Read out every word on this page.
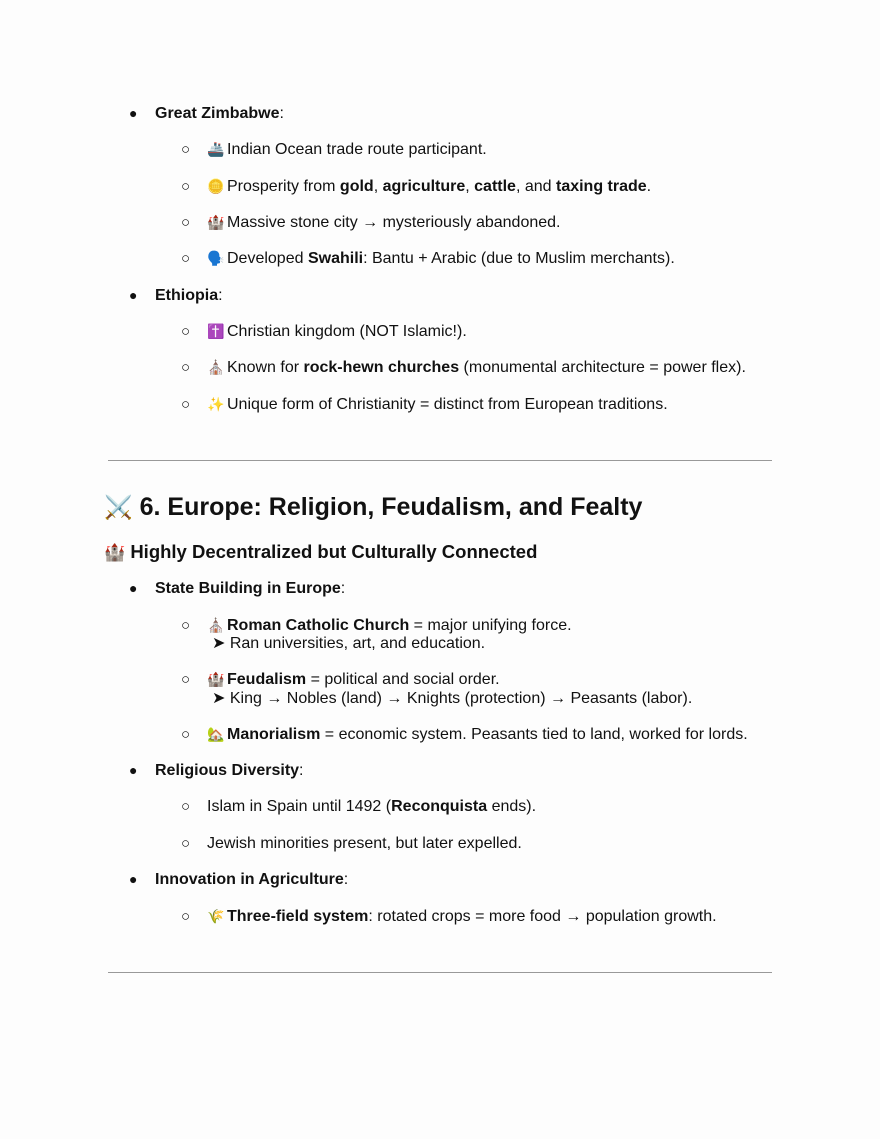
● Great Zimbabwe:
○ 🚢 Indian Ocean trade route participant.
○ 🪙 Prosperity from gold, agriculture, cattle, and taxing trade.
○ 🏰 Massive stone city → mysteriously abandoned.
○ 🗣️ Developed Swahili: Bantu + Arabic (due to Muslim merchants).
● Ethiopia:
○ ✝️ Christian kingdom (NOT Islamic!).
○ ⛪ Known for rock-hewn churches (monumental architecture = power flex).
○ ✨ Unique form of Christianity = distinct from European traditions.
⚔️ 6. Europe: Religion, Feudalism, and Fealty
🏰 Highly Decentralized but Culturally Connected
● State Building in Europe:
○ ⛪ Roman Catholic Church = major unifying force.
➤ Ran universities, art, and education.
○ 🏰 Feudalism = political and social order.
➤ King → Nobles (land) → Knights (protection) → Peasants (labor).
○ 🏡 Manorialism = economic system. Peasants tied to land, worked for lords.
● Religious Diversity:
○ Islam in Spain until 1492 (Reconquista ends).
○ Jewish minorities present, but later expelled.
● Innovation in Agriculture:
○ 🌾 Three-field system: rotated crops = more food → population growth.
